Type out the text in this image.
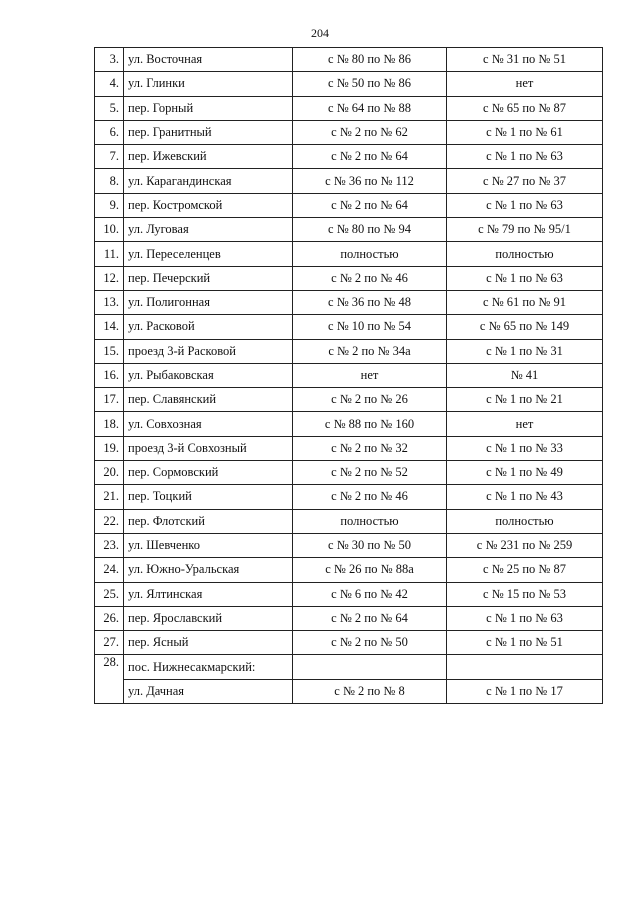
204
3.	ул. Восточная	с № 80 по № 86	с № 31 по № 51
4.	ул. Глинки	с № 50 по № 86	нет
5.	пер. Горный	с № 64 по № 88	с № 65 по № 87
6.	пер. Гранитный	с № 2 по № 62	с № 1 по № 61
7.	пер. Ижевский	с № 2 по № 64	с № 1 по № 63
8.	ул. Карагандинская	с № 36 по № 112	с № 27 по № 37
9.	пер. Костромской	с № 2 по № 64	с № 1 по № 63
10.	ул. Луговая	с № 80 по № 94	с № 79 по № 95/1
11.	ул. Переселенцев	полностью	полностью
12.	пер. Печерский	с № 2 по № 46	с № 1 по № 63
13.	ул. Полигонная	с № 36 по № 48	с № 61 по № 91
14.	ул. Расковой	с № 10 по № 54	с № 65 по № 149
15.	проезд 3-й Расковой	с № 2 по № 34а	с № 1 по № 31
16.	ул. Рыбаковская	нет	№ 41
17.	пер. Славянский	с № 2 по № 26	с № 1 по № 21
18.	ул. Совхозная	с № 88 по № 160	нет
19.	проезд 3-й Совхозный	с № 2 по № 32	с № 1 по № 33
20.	пер. Сормовский	с № 2 по № 52	с № 1 по № 49
21.	пер. Тоцкий	с № 2 по № 46	с № 1 по № 43
22.	пер. Флотский	полностью	полностью
23.	ул. Шевченко	с № 30 по № 50	с № 231 по № 259
24.	ул. Южно-Уральская	с № 26 по № 88а	с № 25 по № 87
25.	ул. Ялтинская	с № 6 по № 42	с № 15 по № 53
26.	пер. Ярославский	с № 2 по № 64	с № 1 по № 63
27.	пер. Ясный	с № 2 по № 50	с № 1 по № 51
28.	пос. Нижнесакмарский:		
	ул. Дачная	с № 2 по № 8	с № 1 по № 17
